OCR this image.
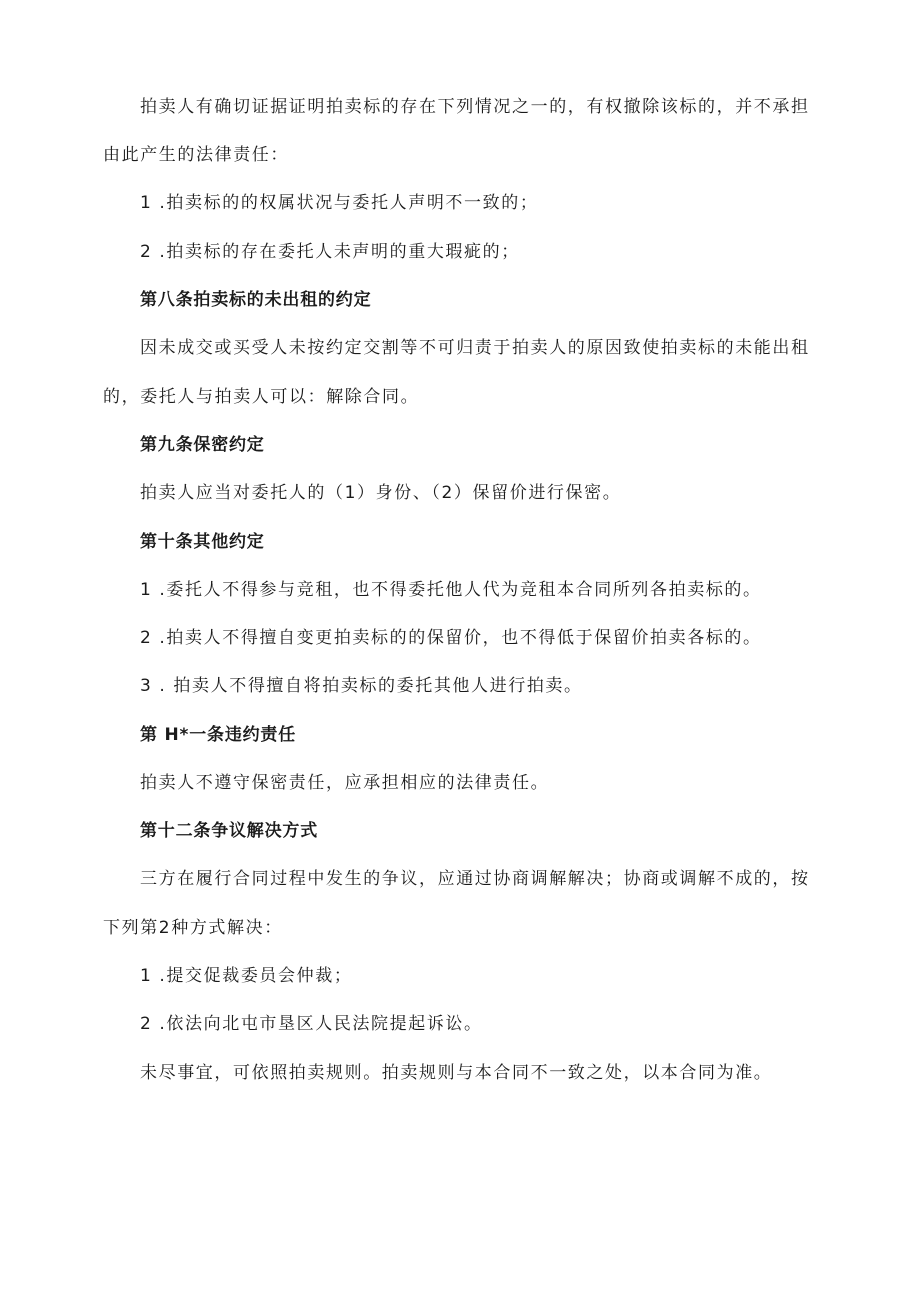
拍卖人有确切证据证明拍卖标的存在下列情况之一的，有权撤除该标的，并不承担
由此产生的法律责任：
1 .拍卖标的的权属状况与委托人声明不一致的；
2 .拍卖标的存在委托人未声明的重大瑕疵的；
第八条拍卖标的未出租的约定
因未成交或买受人未按约定交割等不可归责于拍卖人的原因致使拍卖标的未能出租
的，委托人与拍卖人可以：解除合同。
第九条保密约定
拍卖人应当对委托人的（1）身份、（2）保留价进行保密。
第十条其他约定
1 .委托人不得参与竞租，也不得委托他人代为竞租本合同所列各拍卖标的。
2 .拍卖人不得擅自变更拍卖标的的保留价，也不得低于保留价拍卖各标的。
3 . 拍卖人不得擅自将拍卖标的委托其他人进行拍卖。
第 H*一条违约责任
拍卖人不遵守保密责任，应承担相应的法律责任。
第十二条争议解决方式
三方在履行合同过程中发生的争议，应通过协商调解解决；协商或调解不成的，按
下列第2种方式解决：
1 .提交促裁委员会仲裁；
2 .依法向北屯市垦区人民法院提起诉讼。
未尽事宜，可依照拍卖规则。拍卖规则与本合同不一致之处，以本合同为准。
